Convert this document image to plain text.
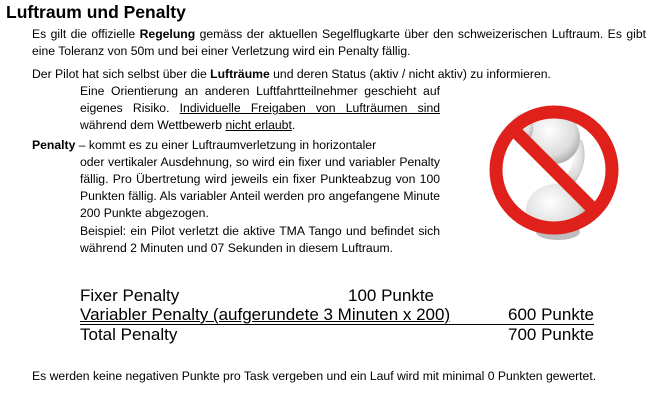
Luftraum und Penalty

Es gilt die offizielle Regelung gemäss der aktuellen Segelflugkarte über den schweizerischen Luftraum. Es gibt eine Toleranz von 50m und bei einer Verletzung wird ein Penalty fällig.

Der Pilot hat sich selbst über die Lufträume und deren Status (aktiv / nicht aktiv) zu informieren.

Eine Orientierung an anderen Luftfahrtteilnehmer geschieht auf eigenes Risiko. Individuelle Freigaben von Lufträumen sind während dem Wettbewerb nicht erlaubt.

Penalty – kommt es zu einer Luftraumverletzung in horizontaler
oder vertikaler Ausdehnung, so wird ein fixer und variabler Penalty fällig. Pro Übertretung wird jeweils ein fixer Punkteabzug von 100 Punkten fällig. Als variabler Anteil werden pro angefangene Minute 200 Punkte abgezogen.

Beispiel: ein Pilot verletzt die aktive TMA Tango und befindet sich während 2 Minuten und 07 Sekunden in diesem Luftraum.

Fixer Penalty	100 Punkte
Variabler Penalty (aufgerundete 3 Minuten x 200)	600 Punkte
Total Penalty	700 Punkte

Es werden keine negativen Punkte pro Task vergeben und ein Lauf wird mit minimal 0 Punkten gewertet.
